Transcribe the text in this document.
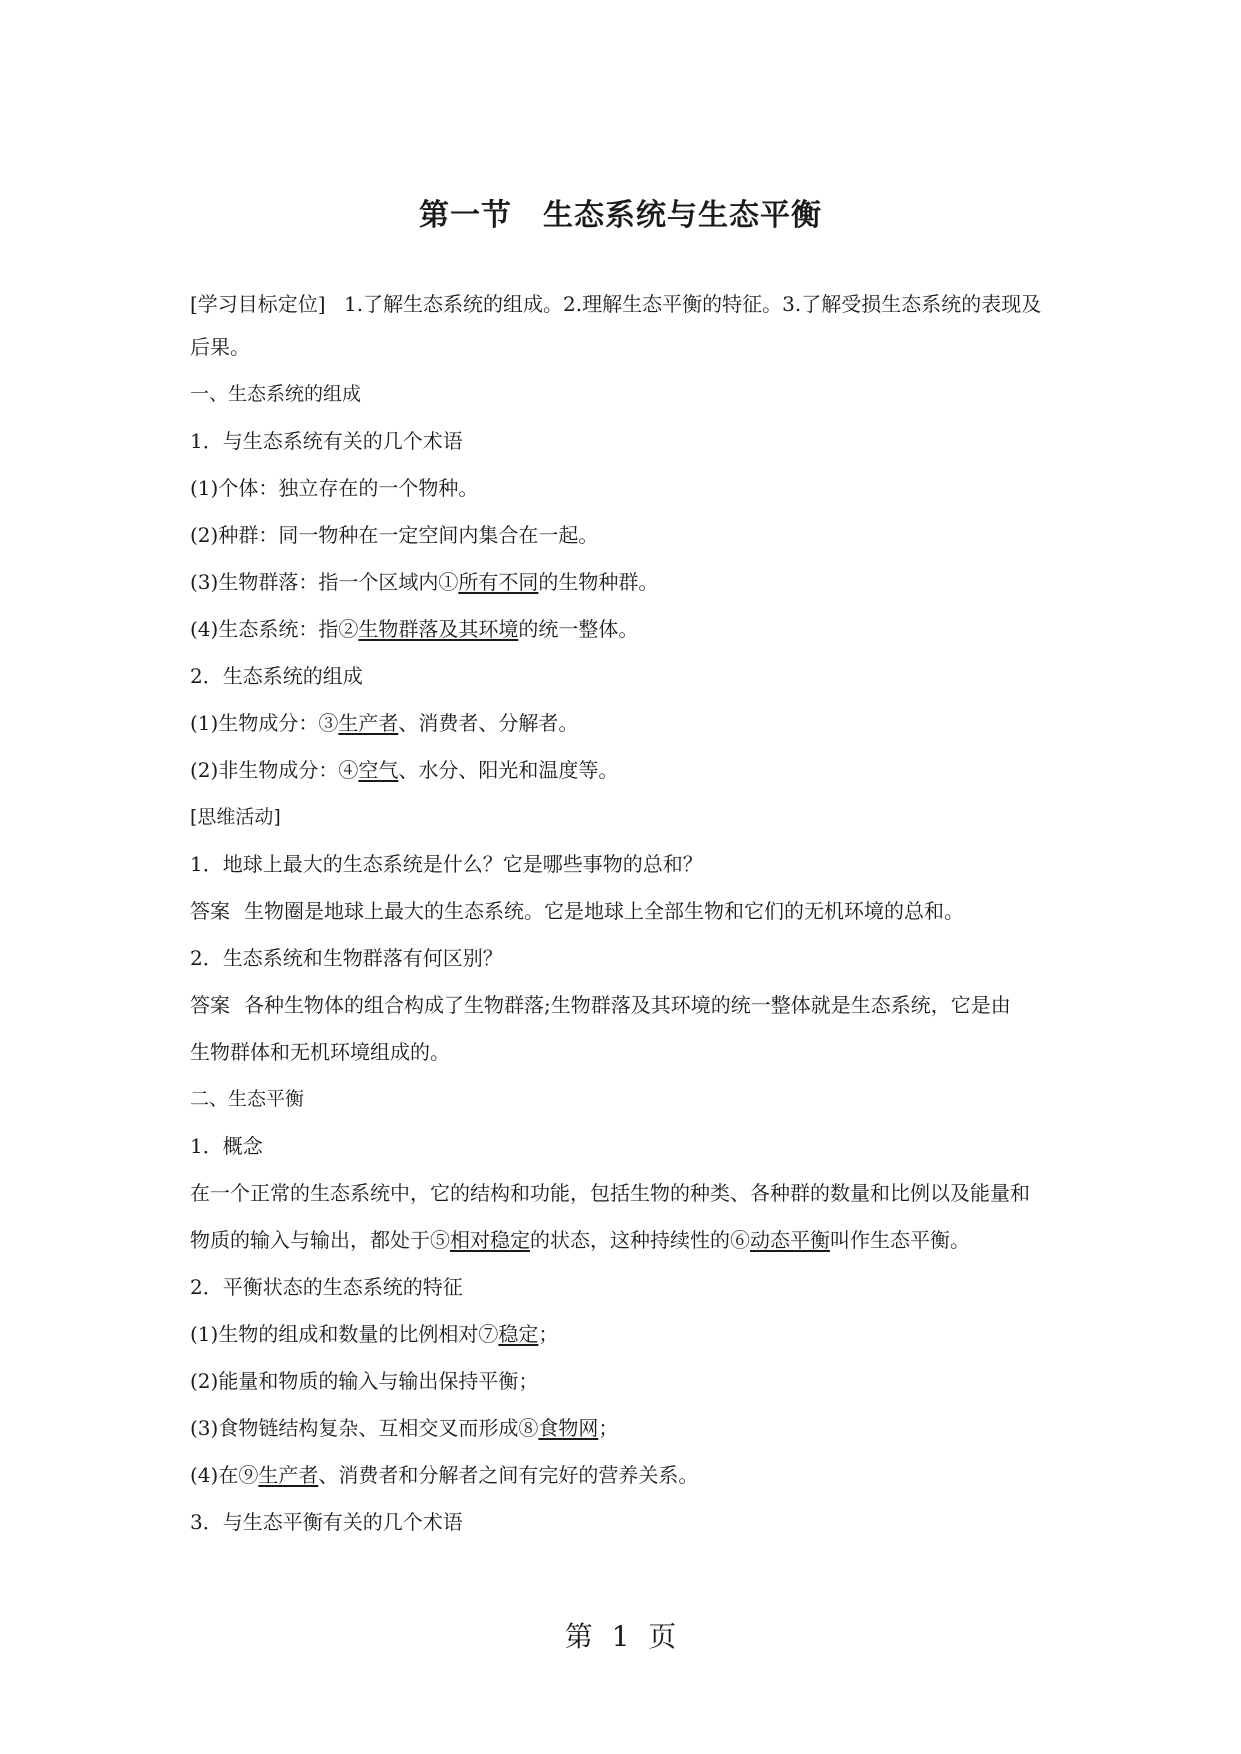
第一节　生态系统与生态平衡
[学习目标定位] 1.了解生态系统的组成。2.理解生态平衡的特征。3.了解受损生态系统的表现及
后果。
一、生态系统的组成
1．与生态系统有关的几个术语
(1)个体：独立存在的一个物种。
(2)种群：同一物种在一定空间内集合在一起。
(3)生物群落：指一个区域内①所有不同的生物种群。
(4)生态系统：指②生物群落及其环境的统一整体。
2．生态系统的组成
(1)生物成分：③生产者、消费者、分解者。
(2)非生物成分：④空气、水分、阳光和温度等。
[思维活动]
1．地球上最大的生态系统是什么？它是哪些事物的总和？
答案 生物圈是地球上最大的生态系统。它是地球上全部生物和它们的无机环境的总和。
2．生态系统和生物群落有何区别？
答案 各种生物体的组合构成了生物群落;生物群落及其环境的统一整体就是生态系统，它是由
生物群体和无机环境组成的。
二、生态平衡
1．概念
在一个正常的生态系统中，它的结构和功能，包括生物的种类、各种群的数量和比例以及能量和
物质的输入与输出，都处于⑤相对稳定的状态，这种持续性的⑥动态平衡叫作生态平衡。
2．平衡状态的生态系统的特征
(1)生物的组成和数量的比例相对⑦稳定；
(2)能量和物质的输入与输出保持平衡；
(3)食物链结构复杂、互相交叉而形成⑧食物网；
(4)在⑨生产者、消费者和分解者之间有完好的营养关系。
3．与生态平衡有关的几个术语
第 1 页
